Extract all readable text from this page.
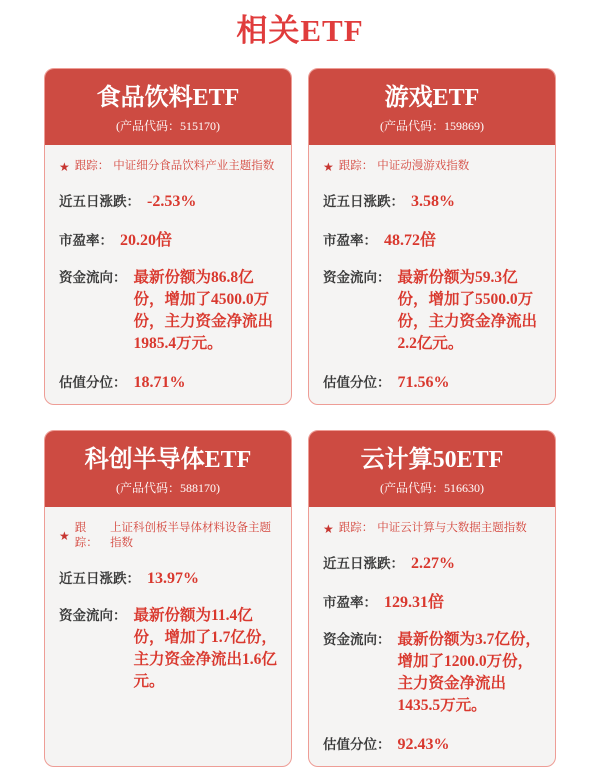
相关ETF
食品饮料ETF
(产品代码：515170)
★ 跟踪： 中证细分食品饮料产业主题指数
近五日涨跌： -2.53%
市盈率： 20.20倍
资金流向： 最新份额为86.8亿份，增加了4500.0万份，主力资金净流出1985.4万元。
估值分位： 18.71%
游戏ETF
(产品代码：159869)
★ 跟踪： 中证动漫游戏指数
近五日涨跌： 3.58%
市盈率： 48.72倍
资金流向： 最新份额为59.3亿份，增加了5500.0万份，主力资金净流出2.2亿元。
估值分位： 71.56%
科创半导体ETF
(产品代码：588170)
★
跟踪：
上证科创板半导体材料设备主题指数
近五日涨跌： 13.97%
资金流向： 最新份额为11.4亿份，增加了1.7亿份，主力资金净流出1.6亿元。
云计算50ETF
(产品代码：516630)
★ 跟踪： 中证云计算与大数据主题指数
近五日涨跌： 2.27%
市盈率： 129.31倍
资金流向： 最新份额为3.7亿份，增加了1200.0万份，主力资金净流出1435.5万元。
估值分位： 92.43%
